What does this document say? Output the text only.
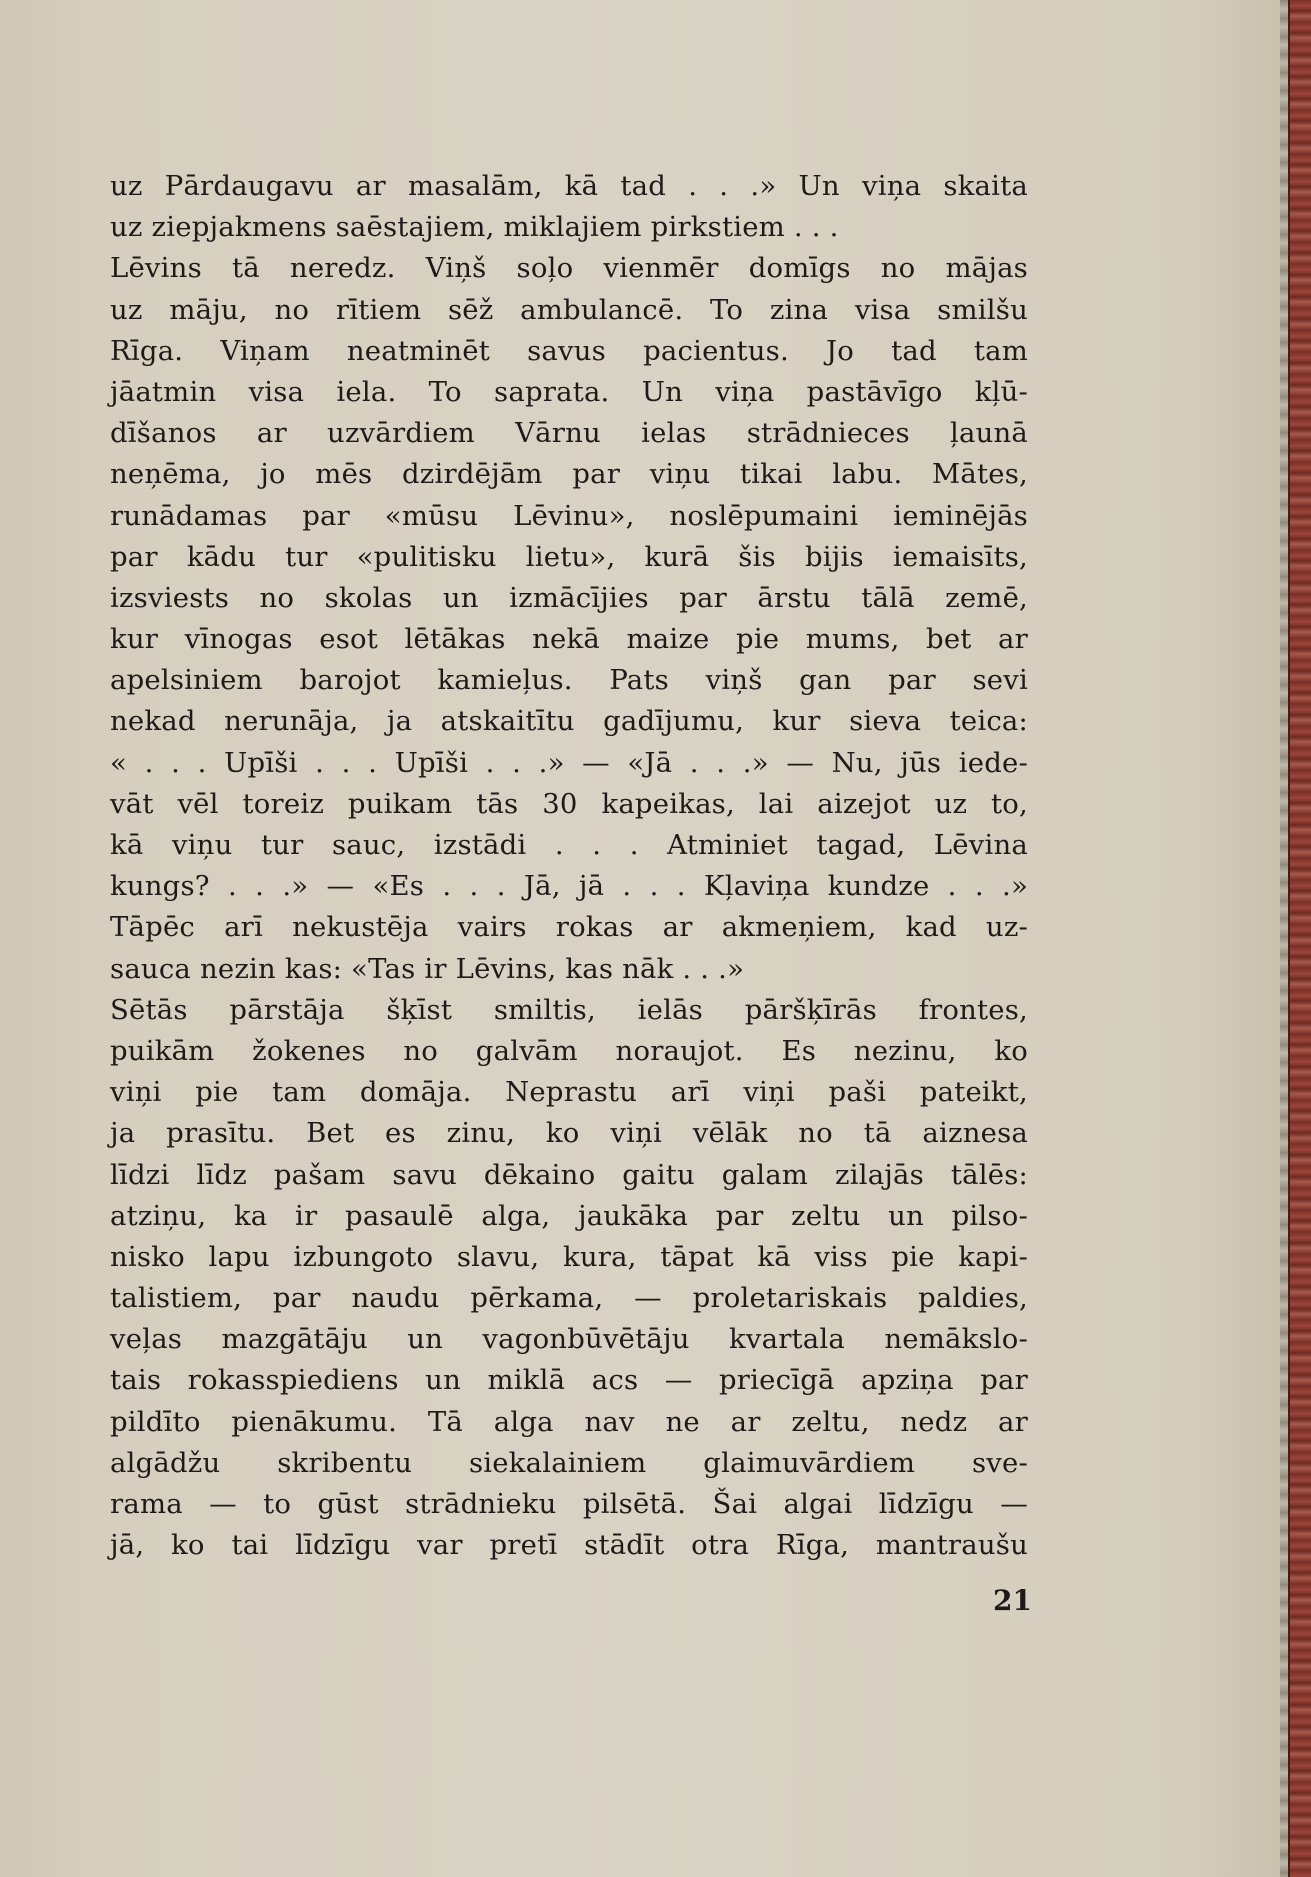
uz Pārdaugavu ar masalām, kā tad . . .» Un viņa skaita
uz ziepjakmens saēstajiem, miklajiem pirkstiem . . .
Lēvins tā neredz. Viņš soļo vienmēr domīgs no mājas
uz māju, no rītiem sēž ambulancē. To zina visa smilšu
Rīga. Viņam neatminēt savus pacientus. Jo tad tam
jāatmin visa iela. To saprata. Un viņa pastāvīgo kļū-
dīšanos ar uzvārdiem Vārnu ielas strādnieces ļaunā
neņēma, jo mēs dzirdējām par viņu tikai labu. Mātes,
runādamas par «mūsu Lēvinu», noslēpumaini ieminējās
par kādu tur «pulitisku lietu», kurā šis bijis iemaisīts,
izsviests no skolas un izmācījies par ārstu tālā zemē,
kur vīnogas esot lētākas nekā maize pie mums, bet ar
apelsiniem barojot kamieļus. Pats viņš gan par sevi
nekad nerunāja, ja atskaitītu gadījumu, kur sieva teica:
« . . . Upīši . . . Upīši . . .» — «Jā . . .» — Nu, jūs iede-
vāt vēl toreiz puikam tās 30 kapeikas, lai aizejot uz to,
kā viņu tur sauc, izstādi . . . Atminiet tagad, Lēvina
kungs? . . .» — «Es . . . Jā, jā . . . Kļaviņa kundze . . .»
Tāpēc arī nekustēja vairs rokas ar akmeņiem, kad uz-
sauca nezin kas: «Tas ir Lēvins, kas nāk . . .»
Sētās pārstāja šķīst smiltis, ielās pāršķīrās frontes,
puikām žokenes no galvām noraujot. Es nezinu, ko
viņi pie tam domāja. Neprastu arī viņi paši pateikt,
ja prasītu. Bet es zinu, ko viņi vēlāk no tā aiznesa
līdzi līdz pašam savu dēkaino gaitu galam zilajās tālēs:
atziņu, ka ir pasaulē alga, jaukāka par zeltu un pilso-
nisko lapu izbungoto slavu, kura, tāpat kā viss pie kapi-
talistiem, par naudu pērkama, — proletariskais paldies,
veļas mazgātāju un vagonbūvētāju kvartala nemākslo-
tais rokasspiediens un miklā acs — priecīgā apziņa par
pildīto pienākumu. Tā alga nav ne ar zeltu, nedz ar
algādžu skribentu siekalainiem glaimuvārdiem sve-
rama — to gūst strādnieku pilsētā. Šai algai līdzīgu —
jā, ko tai līdzīgu var pretī stādīt otra Rīga, mantraušu
21
